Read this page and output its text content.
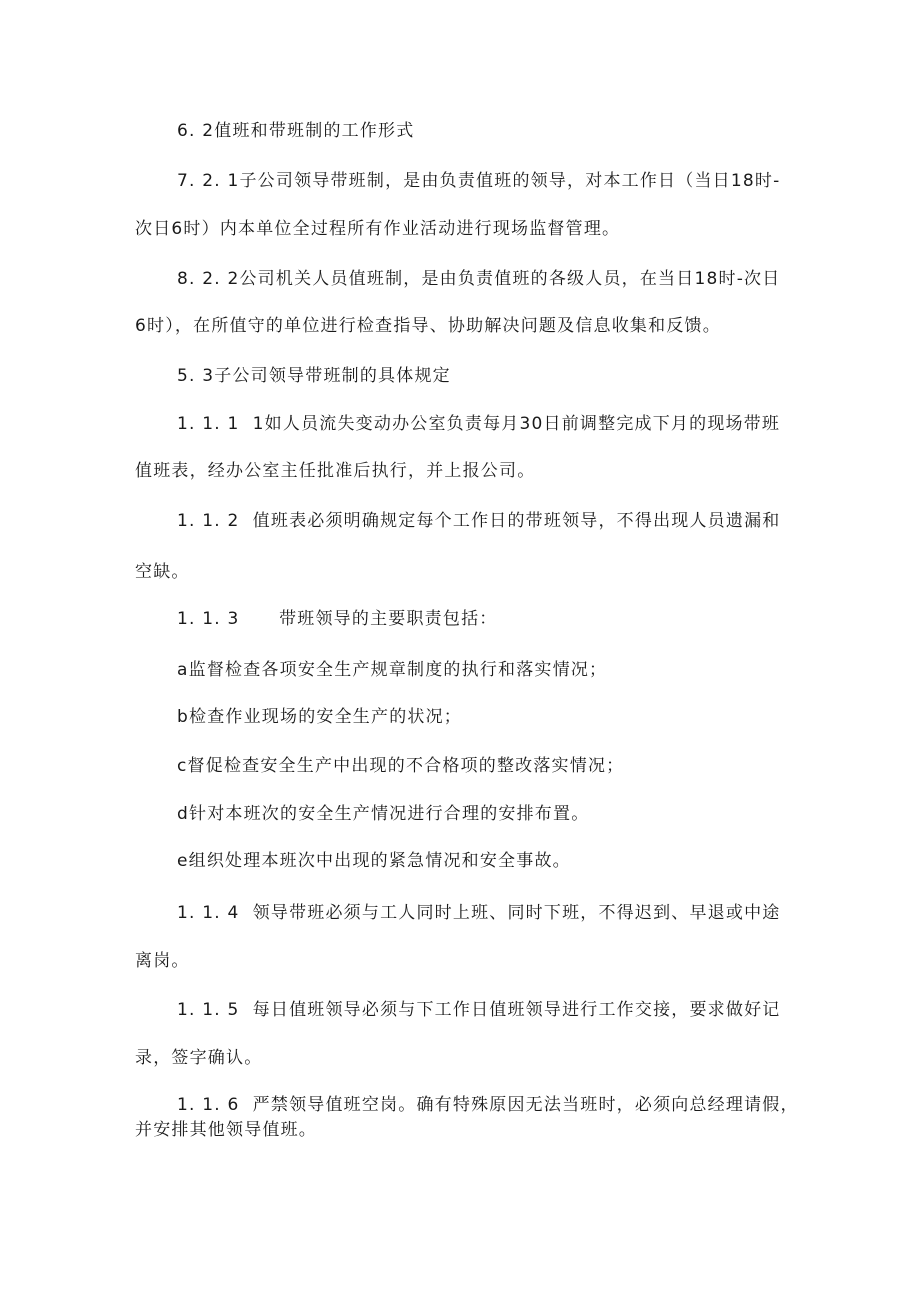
6. 2值班和带班制的工作形式

7. 2. 1子公司领导带班制，是由负责值班的领导，对本工作日（当日18时-

次日6时）内本单位全过程所有作业活动进行现场监督管理。

8. 2. 2公司机关人员值班制，是由负责值班的各级人员，在当日18时-次日

6时），在所值守的单位进行检查指导、协助解决问题及信息收集和反馈。

5. 3子公司领导带班制的具体规定

1. 1. 1  1如人员流失变动办公室负责每月30日前调整完成下月的现场带班

值班表，经办公室主任批准后执行，并上报公司。

1. 1. 2  值班表必须明确规定每个工作日的带班领导，不得出现人员遗漏和

空缺。

1. 1. 3      带班领导的主要职责包括：

a监督检查各项安全生产规章制度的执行和落实情况；

b检查作业现场的安全生产的状况；

c督促检查安全生产中出现的不合格项的整改落实情况；

d针对本班次的安全生产情况进行合理的安排布置。

e组织处理本班次中出现的紧急情况和安全事故。

1. 1. 4  领导带班必须与工人同时上班、同时下班，不得迟到、早退或中途

离岗。

1. 1. 5  每日值班领导必须与下工作日值班领导进行工作交接，要求做好记

录，签字确认。

1. 1. 6  严禁领导值班空岗。确有特殊原因无法当班时，必须向总经理请假，

并安排其他领导值班。
